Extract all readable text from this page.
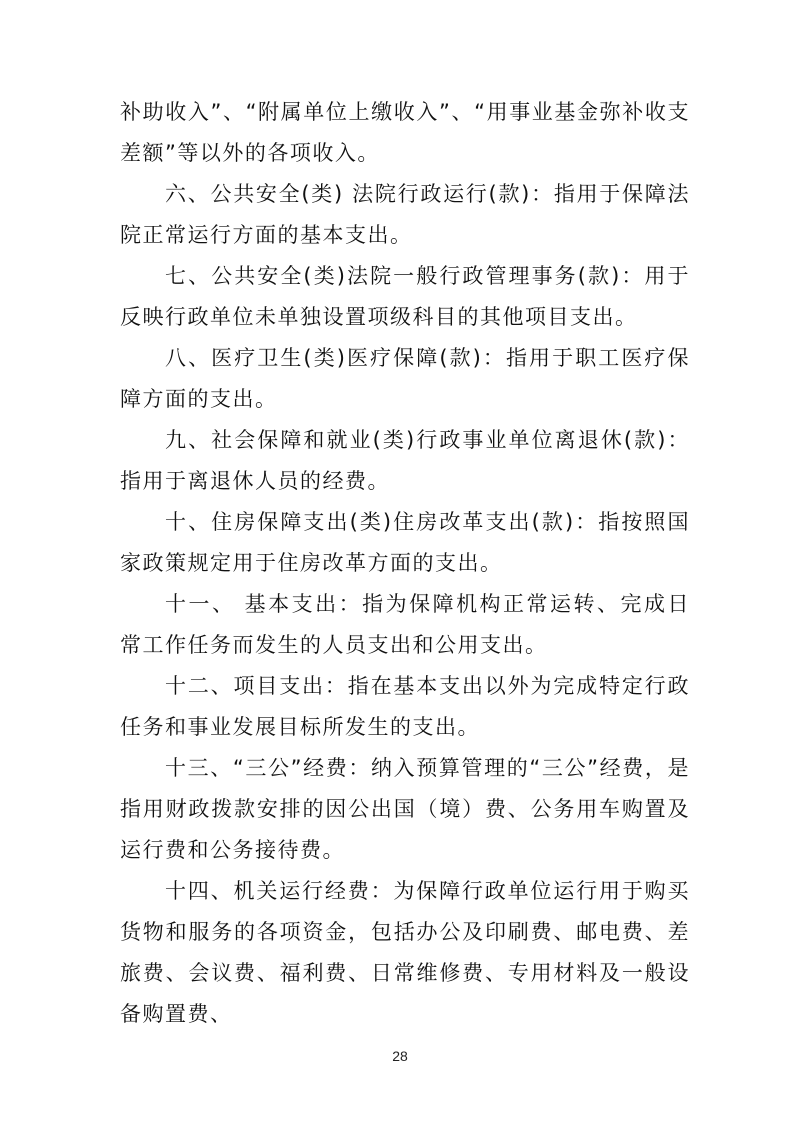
补助收入”、“附属单位上缴收入”、“用事业基金弥补收支差额”等以外的各项收入。

六、公共安全(类) 法院行政运行(款)：指用于保障法院正常运行方面的基本支出。

七、公共安全(类)法院一般行政管理事务(款)：用于反映行政单位未单独设置项级科目的其他项目支出。

八、医疗卫生(类)医疗保障(款)：指用于职工医疗保障方面的支出。

九、社会保障和就业(类)行政事业单位离退休(款)：指用于离退休人员的经费。

十、住房保障支出(类)住房改革支出(款)：指按照国家政策规定用于住房改革方面的支出。

十一、 基本支出：指为保障机构正常运转、完成日常工作任务而发生的人员支出和公用支出。

十二、项目支出：指在基本支出以外为完成特定行政任务和事业发展目标所发生的支出。

十三、“三公”经费：纳入预算管理的“三公”经费，是指用财政拨款安排的因公出国（境）费、公务用车购置及运行费和公务接待费。

十四、机关运行经费：为保障行政单位运行用于购买货物和服务的各项资金，包括办公及印刷费、邮电费、差旅费、会议费、福利费、日常维修费、专用材料及一般设备购置费、

28
